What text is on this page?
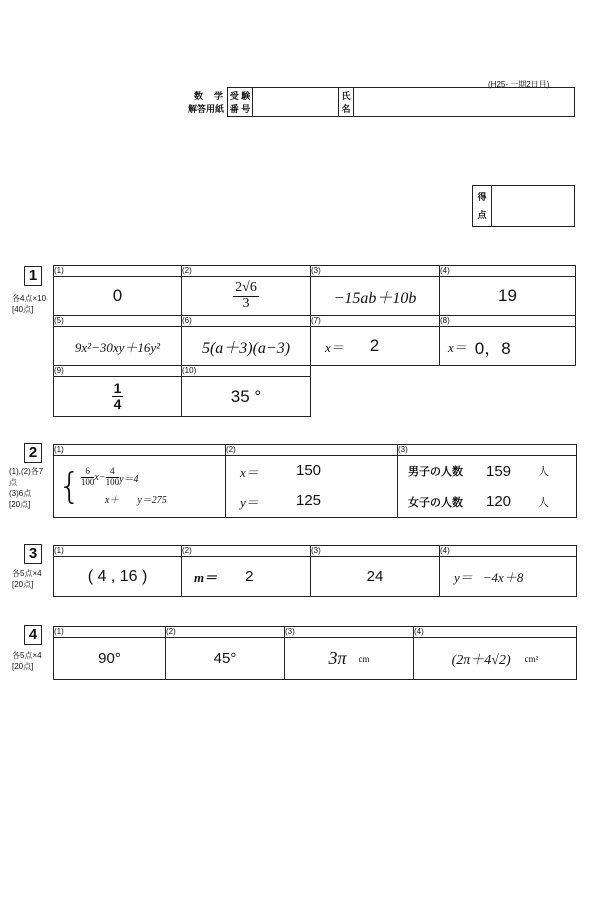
(H25- 一期2日目)
数　学
解答用紙

受 験
番 号

氏
名

得
点

1
各4点×10
[40点]
(1)
0
(2)
$\frac{2√6}{3}$
(3)
−15ab＋10b
(4)
19
(5)
9x²−30xy＋16y²
(6)
5(a＋3)(a−3)
(7)
x＝ 2
(8)
x＝ 0，8
(9)
$\frac{1}{4}$
(10)
35 °
2
(1),(2)各7
点
(3)6点
[20点]
(1)
{ $\frac{6}{100} x- \frac{4}{100} y=4$
x＋ y＝275
(2)
x＝	150
y＝	125
(3)
男子の人数	159	人
女子の人数	120	人
3
各5点×4
[20点]
(1)
( 4 , 16 )
(2)
m＝ 2
(3)
24
(4)
y＝ −4x＋8
4
各5点×4
[20点]
(1)
90°
(2)
45°
(3)
3π cm
(4)
(2π＋4√2) cm²
